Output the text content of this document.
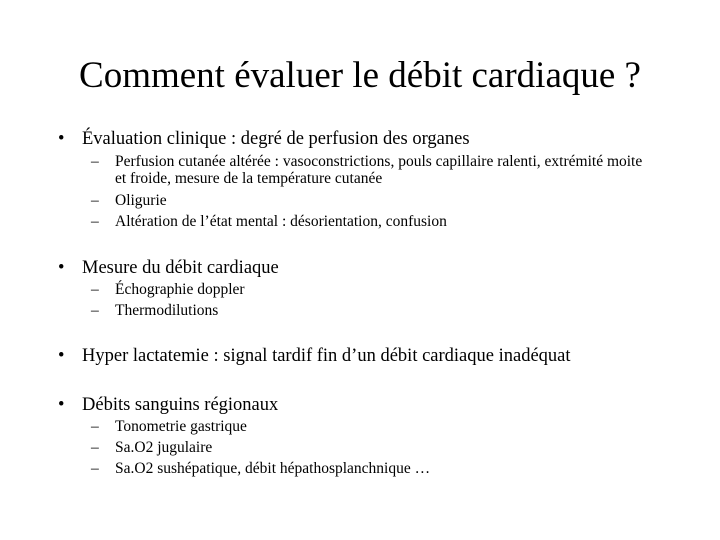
Comment évaluer le débit cardiaque ?
• Évaluation clinique : degré de perfusion des organes
– Perfusion cutanée altérée : vasoconstrictions, pouls capillaire ralenti, extrémité moite et froide, mesure de la température cutanée
– Oligurie
– Altération de l’état mental : désorientation, confusion
• Mesure du débit cardiaque
– Échographie doppler
– Thermodilutions
• Hyper lactatemie : signal tardif fin d’un débit cardiaque inadéquat
• Débits sanguins régionaux
– Tonometrie gastrique
– Sa.O2 jugulaire
– Sa.O2 sushépatique, débit hépathosplanchnique …
